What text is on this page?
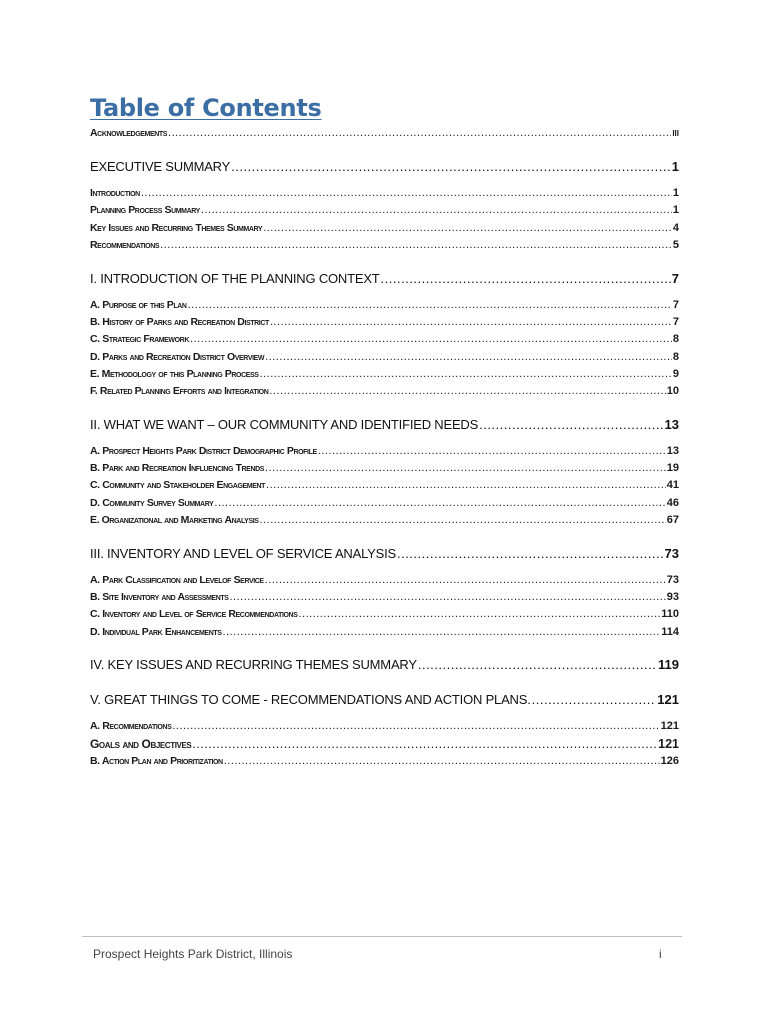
Table of Contents
Acknowledgements .....	iii
EXECUTIVE SUMMARY .....	1
Introduction .....	1
Planning Process Summary .....	1
Key Issues and Recurring Themes Summary .....	4
Recommendations .....	5
I. INTRODUCTION OF THE PLANNING CONTEXT .....	7
A. Purpose of this Plan .....	7
B. History of Parks and Recreation District .....	7
C. Strategic Framework .....	8
D. Parks and Recreation District Overview .....	8
E. Methodology of this Planning Process .....	9
F. Related Planning Efforts and Integration .....	10
II. WHAT WE WANT – OUR COMMUNITY AND IDENTIFIED NEEDS .....	13
A. Prospect Heights Park District Demographic Profile .....	13
B. Park and Recreation Influencing Trends .....	19
C. Community and Stakeholder Engagement .....	41
D. Community Survey Summary .....	46
E. Organizational and Marketing Analysis .....	67
III. INVENTORY AND LEVEL OF SERVICE ANALYSIS .....	73
A. Park Classification and Levelof Service .....	73
B. Site Inventory and Assessments .....	93
C. Inventory and Level of Service Recommendations .....	110
D. Individual Park Enhancements .....	114
IV. KEY ISSUES AND RECURRING THEMES SUMMARY .....	119
V. GREAT THINGS TO COME - RECOMMENDATIONS AND ACTION PLANS. .....	121
A. Recommendations .....	121
Goals and Objectives .....	121
B. Action Plan and Prioritization .....	126
Prospect Heights Park District, Illinois	i
